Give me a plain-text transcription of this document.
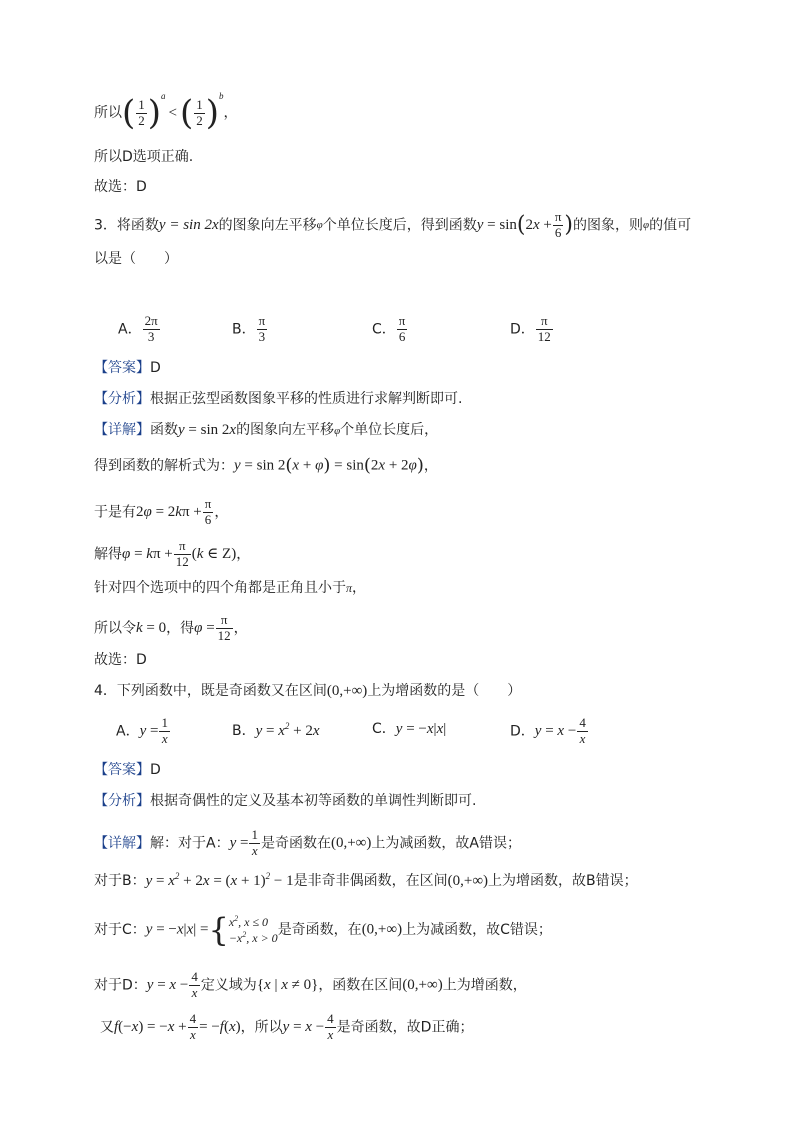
所以( $\frac{1}{2} )^a<( \frac{1}{2} )^b$，
所以D选项正确.
故选：D
3．将函数y = sin 2x的图象向左平移φ个单位长度后，得到函数$y = \sin(2x + \frac{\pi}{6}$ )的图象，则φ的值可
以是（　　）
A． $\frac{2\pi}{3}$	B． $\frac{\pi}{3}$	C． $\frac{\pi}{6}$	D． $\frac{\pi}{12}$
【答案】D
【分析】根据正弦型函数图象平移的性质进行求解判断即可.
【详解】函数y = sin 2x的图象向左平移φ个单位长度后，
得到函数的解析式为：y = sin 2(x + φ) = sin(2x + 2φ)，
于是有$2\varphi = 2k\pi + \frac{\pi}{6}$ ，
解得$\varphi = k\pi + \frac{\pi}{12} (k$ ∈ Z)，
针对四个选项中的四个角都是正角且小于π，
所以令k = 0，得$\varphi = \frac{\pi}{12}$ ，
故选：D
4．下列函数中，既是奇函数又在区间(0,+∞)上为增函数的是（　　）
A．$y = \frac{1}{x}$	B．$y = x^2 + 2x$	C．y = −x|x|	D．$y = x - \frac{4}{x}$
【答案】D
【分析】根据奇偶性的定义及基本初等函数的单调性判断即可.
【详解】解：对于A：$y = \frac{1}{x}$ 是奇函数在(0,+∞)上为减函数，故A错误；
对于B：$y = x^2 + 2x = (x + 1)^2 - 1$是非奇非偶函数，在区间(0,+∞)上为增函数，故B错误；
对于C：y = −x|x| ={ $x^2$, x ≤ 0
$-x^2$, x > 0 是奇函数，在(0,+∞)上为减函数，故C错误；
对于D：$y = x - \frac{4}{x}$ 定义域为{x | x ≠ 0}，函数在区间(0,+∞)上为增函数，
又$f(-x) = -x + \frac{4}{x} = -f(x)$，所以$y = x - \frac{4}{x}$ 是奇函数，故D正确；
